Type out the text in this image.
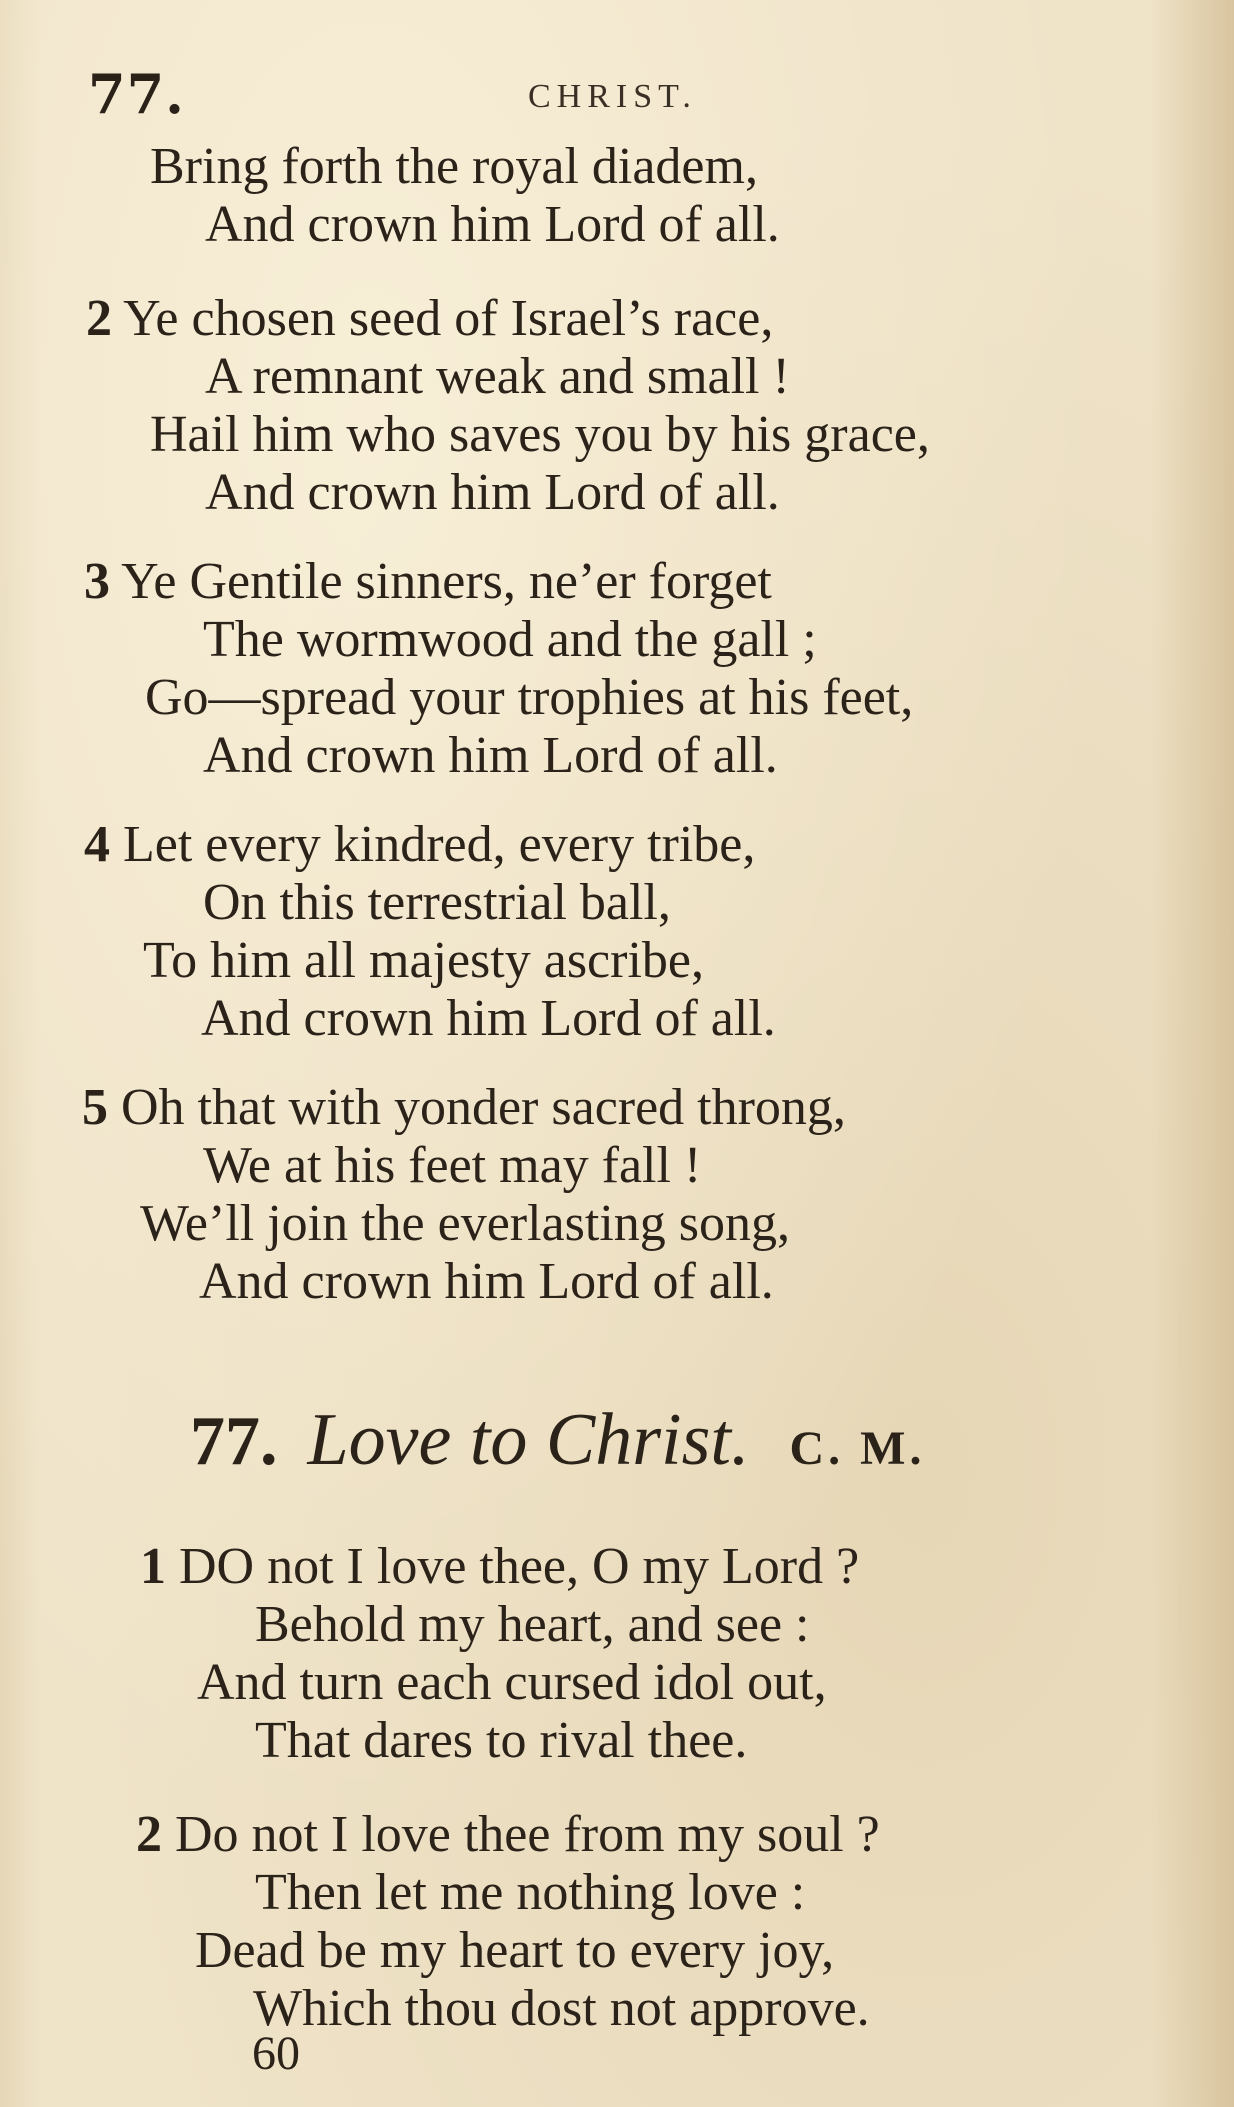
77.	CHRIST.
Bring forth the royal diadem,
And crown him Lord of all.
2 Ye chosen seed of Israel’s race,
A remnant weak and small !
Hail him who saves you by his grace,
And crown him Lord of all.
3 Ye Gentile sinners, ne’er forget
The wormwood and the gall ;
Go—spread your trophies at his feet,
And crown him Lord of all.
4 Let every kindred, every tribe,
On this terrestrial ball,
To him all majesty ascribe,
And crown him Lord of all.
5 Oh that with yonder sacred throng,
We at his feet may fall !
We’ll join the everlasting song,
And crown him Lord of all.
77. Love to Christ. C. M.
1 DO not I love thee, O my Lord ?
Behold my heart, and see :
And turn each cursed idol out,
That dares to rival thee.
2 Do not I love thee from my soul ?
Then let me nothing love :
Dead be my heart to every joy,
Which thou dost not approve.
60
